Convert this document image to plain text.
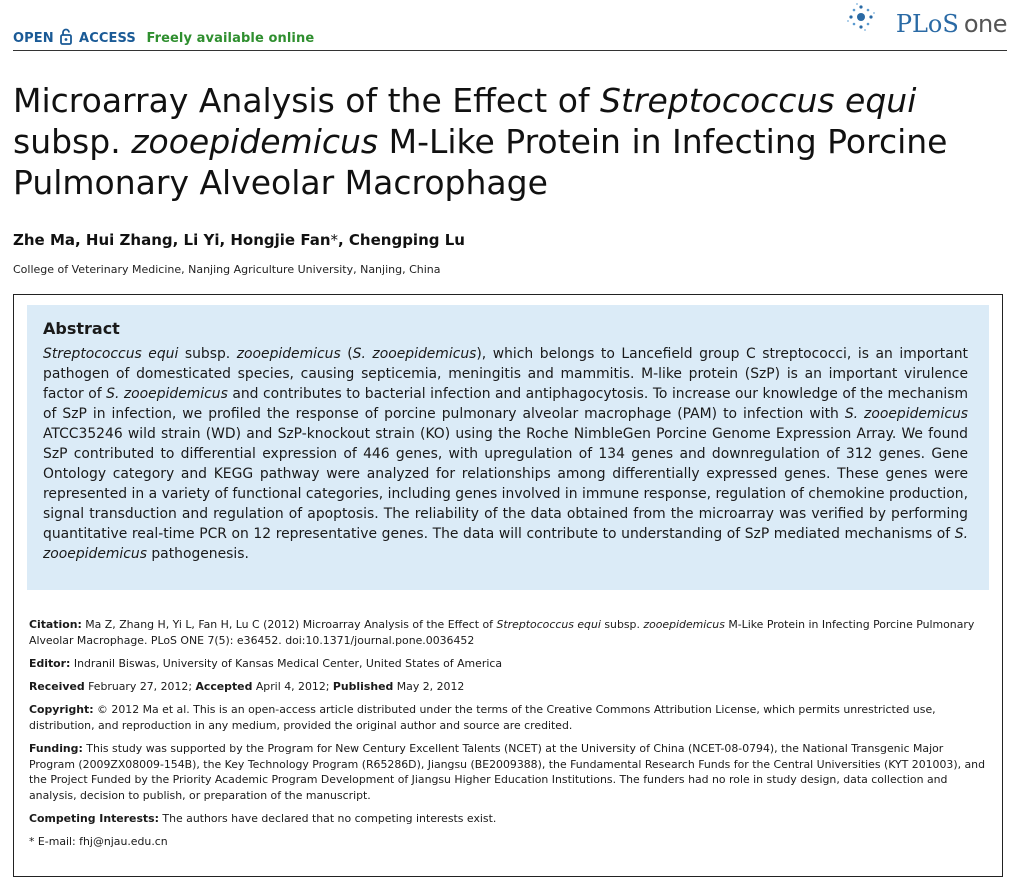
OPEN ACCESS Freely available online
PLoS one
Microarray Analysis of the Effect of Streptococcus equi subsp. zooepidemicus M-Like Protein in Infecting Porcine Pulmonary Alveolar Macrophage
Zhe Ma, Hui Zhang, Li Yi, Hongjie Fan*, Chengping Lu
College of Veterinary Medicine, Nanjing Agriculture University, Nanjing, China
Abstract
Streptococcus equi subsp. zooepidemicus (S. zooepidemicus), which belongs to Lancefield group C streptococci, is an important pathogen of domesticated species, causing septicemia, meningitis and mammitis. M-like protein (SzP) is an important virulence factor of S. zooepidemicus and contributes to bacterial infection and antiphagocytosis. To increase our knowledge of the mechanism of SzP in infection, we profiled the response of porcine pulmonary alveolar macrophage (PAM) to infection with S. zooepidemicus ATCC35246 wild strain (WD) and SzP-knockout strain (KO) using the Roche NimbleGen Porcine Genome Expression Array. We found SzP contributed to differential expression of 446 genes, with upregulation of 134 genes and downregulation of 312 genes. Gene Ontology category and KEGG pathway were analyzed for relationships among differentially expressed genes. These genes were represented in a variety of functional categories, including genes involved in immune response, regulation of chemokine production, signal transduction and regulation of apoptosis. The reliability of the data obtained from the microarray was verified by performing quantitative real-time PCR on 12 representative genes. The data will contribute to understanding of SzP mediated mechanisms of S. zooepidemicus pathogenesis.

Citation: Ma Z, Zhang H, Yi L, Fan H, Lu C (2012) Microarray Analysis of the Effect of Streptococcus equi subsp. zooepidemicus M-Like Protein in Infecting Porcine Pulmonary Alveolar Macrophage. PLoS ONE 7(5): e36452. doi:10.1371/journal.pone.0036452

Editor: Indranil Biswas, University of Kansas Medical Center, United States of America

Received February 27, 2012; Accepted April 4, 2012; Published May 2, 2012

Copyright: © 2012 Ma et al. This is an open-access article distributed under the terms of the Creative Commons Attribution License, which permits unrestricted use, distribution, and reproduction in any medium, provided the original author and source are credited.

Funding: This study was supported by the Program for New Century Excellent Talents (NCET) at the University of China (NCET-08-0794), the National Transgenic Major Program (2009ZX08009-154B), the Key Technology Program (R65286D), Jiangsu (BE2009388), the Fundamental Research Funds for the Central Universities (KYT 201003), and the Project Funded by the Priority Academic Program Development of Jiangsu Higher Education Institutions. The funders had no role in study design, data collection and analysis, decision to publish, or preparation of the manuscript.

Competing Interests: The authors have declared that no competing interests exist.

* E-mail: fhj@njau.edu.cn
